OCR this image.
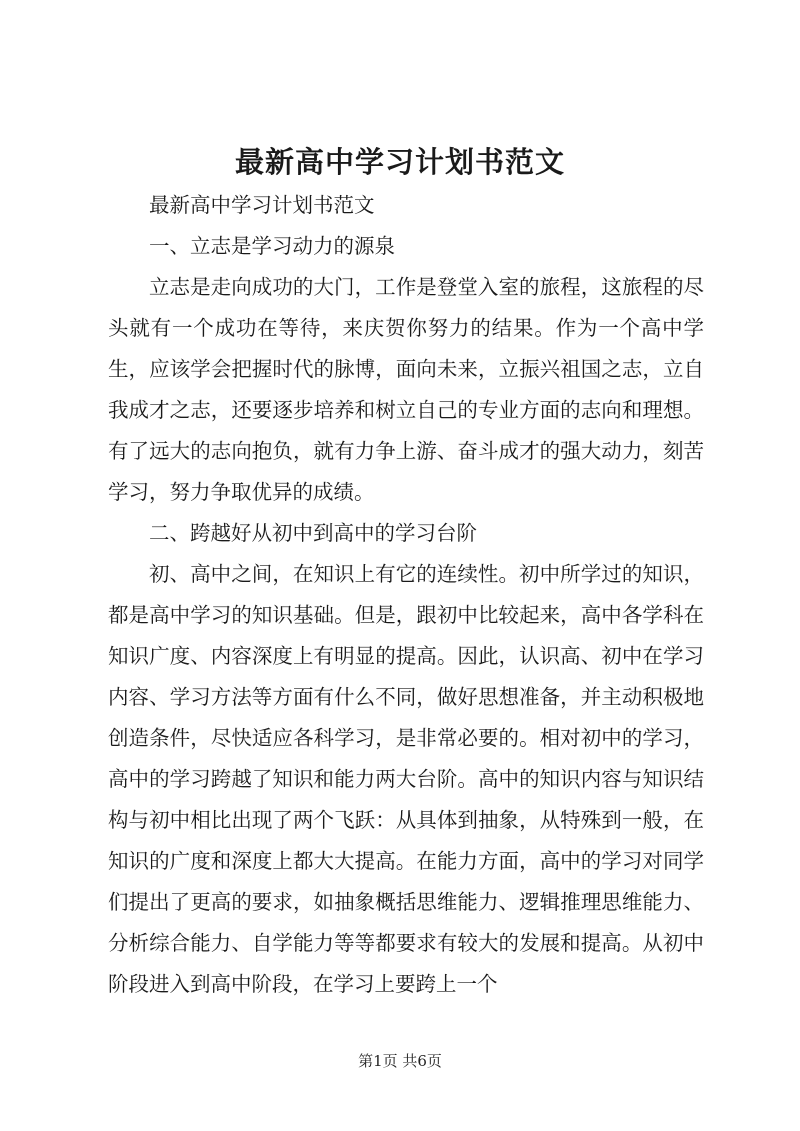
最新高中学习计划书范文

最新高中学习计划书范文

一、立志是学习动力的源泉

立志是走向成功的大门，工作是登堂入室的旅程，这旅程的尽头就有一个成功在等待，来庆贺你努力的结果。作为一个高中学生，应该学会把握时代的脉博，面向未来，立振兴祖国之志，立自我成才之志，还要逐步培养和树立自己的专业方面的志向和理想。有了远大的志向抱负，就有力争上游、奋斗成才的强大动力，刻苦学习，努力争取优异的成绩。

二、跨越好从初中到高中的学习台阶

初、高中之间，在知识上有它的连续性。初中所学过的知识，都是高中学习的知识基础。但是，跟初中比较起来，高中各学科在知识广度、内容深度上有明显的提高。因此，认识高、初中在学习内容、学习方法等方面有什么不同，做好思想准备，并主动积极地创造条件，尽快适应各科学习，是非常必要的。相对初中的学习，高中的学习跨越了知识和能力两大台阶。高中的知识内容与知识结构与初中相比出现了两个飞跃：从具体到抽象，从特殊到一般，在知识的广度和深度上都大大提高。在能力方面，高中的学习对同学们提出了更高的要求，如抽象概括思维能力、逻辑推理思维能力、分析综合能力、自学能力等等都要求有较大的发展和提高。从初中阶段进入到高中阶段，在学习上要跨上一个

第1页 共6页
